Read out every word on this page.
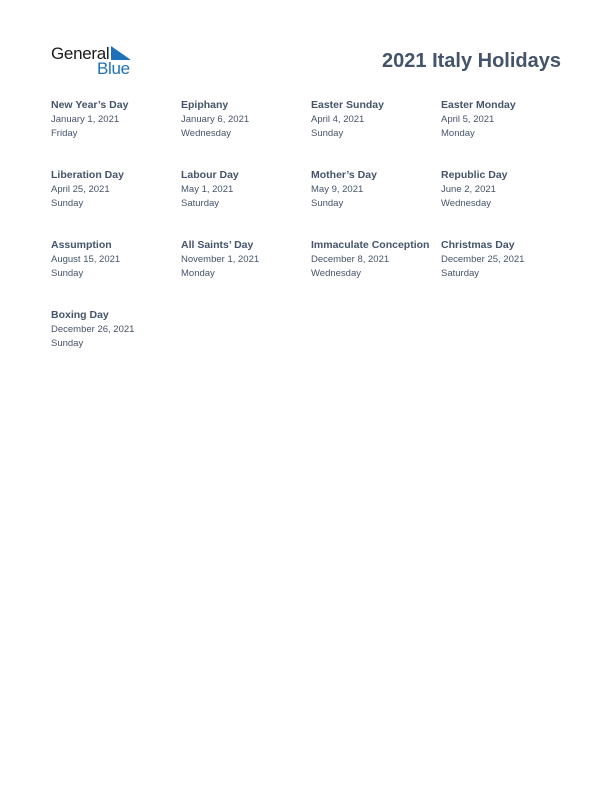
General
Blue	2021 Italy Holidays
New Year’s Day
January 1, 2021
Friday
Epiphany
January 6, 2021
Wednesday
Easter Sunday
April 4, 2021
Sunday
Easter Monday
April 5, 2021
Monday
Liberation Day
April 25, 2021
Sunday
Labour Day
May 1, 2021
Saturday
Mother’s Day
May 9, 2021
Sunday
Republic Day
June 2, 2021
Wednesday
Assumption
August 15, 2021
Sunday
All Saints’ Day
November 1, 2021
Monday
Immaculate Conception
December 8, 2021
Wednesday
Christmas Day
December 25, 2021
Saturday
Boxing Day
December 26, 2021
Sunday
